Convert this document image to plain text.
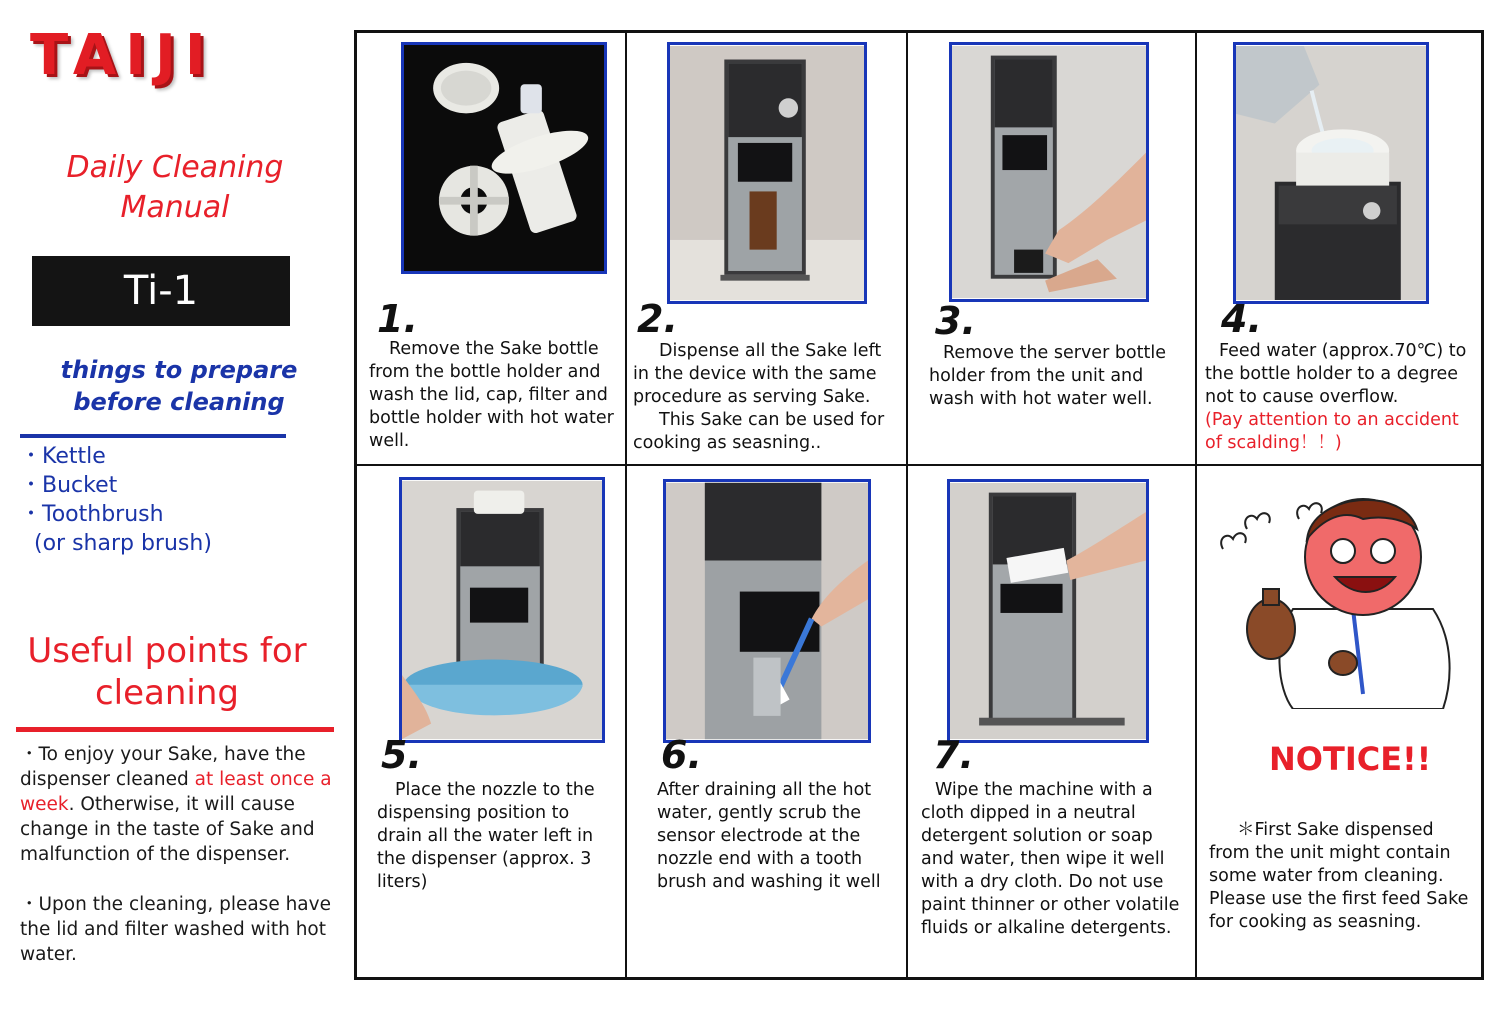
TAIJI
Daily Cleaning
Manual
Ti-1
things to prepare
before cleaning
・Kettle
・Bucket
・Toothbrush
(or sharp brush)
Useful points for
cleaning

・To enjoy your Sake, have the dispenser cleaned at least once a week. Otherwise, it will cause change in the taste of Sake and malfunction of the dispenser.

・Upon the cleaning, please have the lid and filter washed with hot water.

1.

Remove the Sake bottle from the bottle holder and wash the lid, cap, filter and bottle holder with hot water well.

2.

Dispense all the Sake left in the device with the same procedure as serving Sake.

This Sake can be used for cooking as seasning..

3.

Remove the server bottle holder from the unit and wash with hot water well.

4.

Feed water (approx.70℃) to the bottle holder to a degree not to cause overflow.

(Pay attention to an accident of scalding！！)

5.

Place the nozzle to the dispensing position to drain all the water left in the dispenser (approx. 3 liters)

6.

After draining all the hot water, gently scrub the sensor electrode at the nozzle end with a tooth brush and washing it well

7.

Wipe the machine with a cloth dipped in a neutral detergent solution or soap and water, then wipe it well with a dry cloth. Do not use paint thinner or other volatile fluids or alkaline detergents.

NOTICE!!

＊First Sake dispensed from the unit might contain some water from cleaning. Please use the first feed Sake for cooking as seasning.
